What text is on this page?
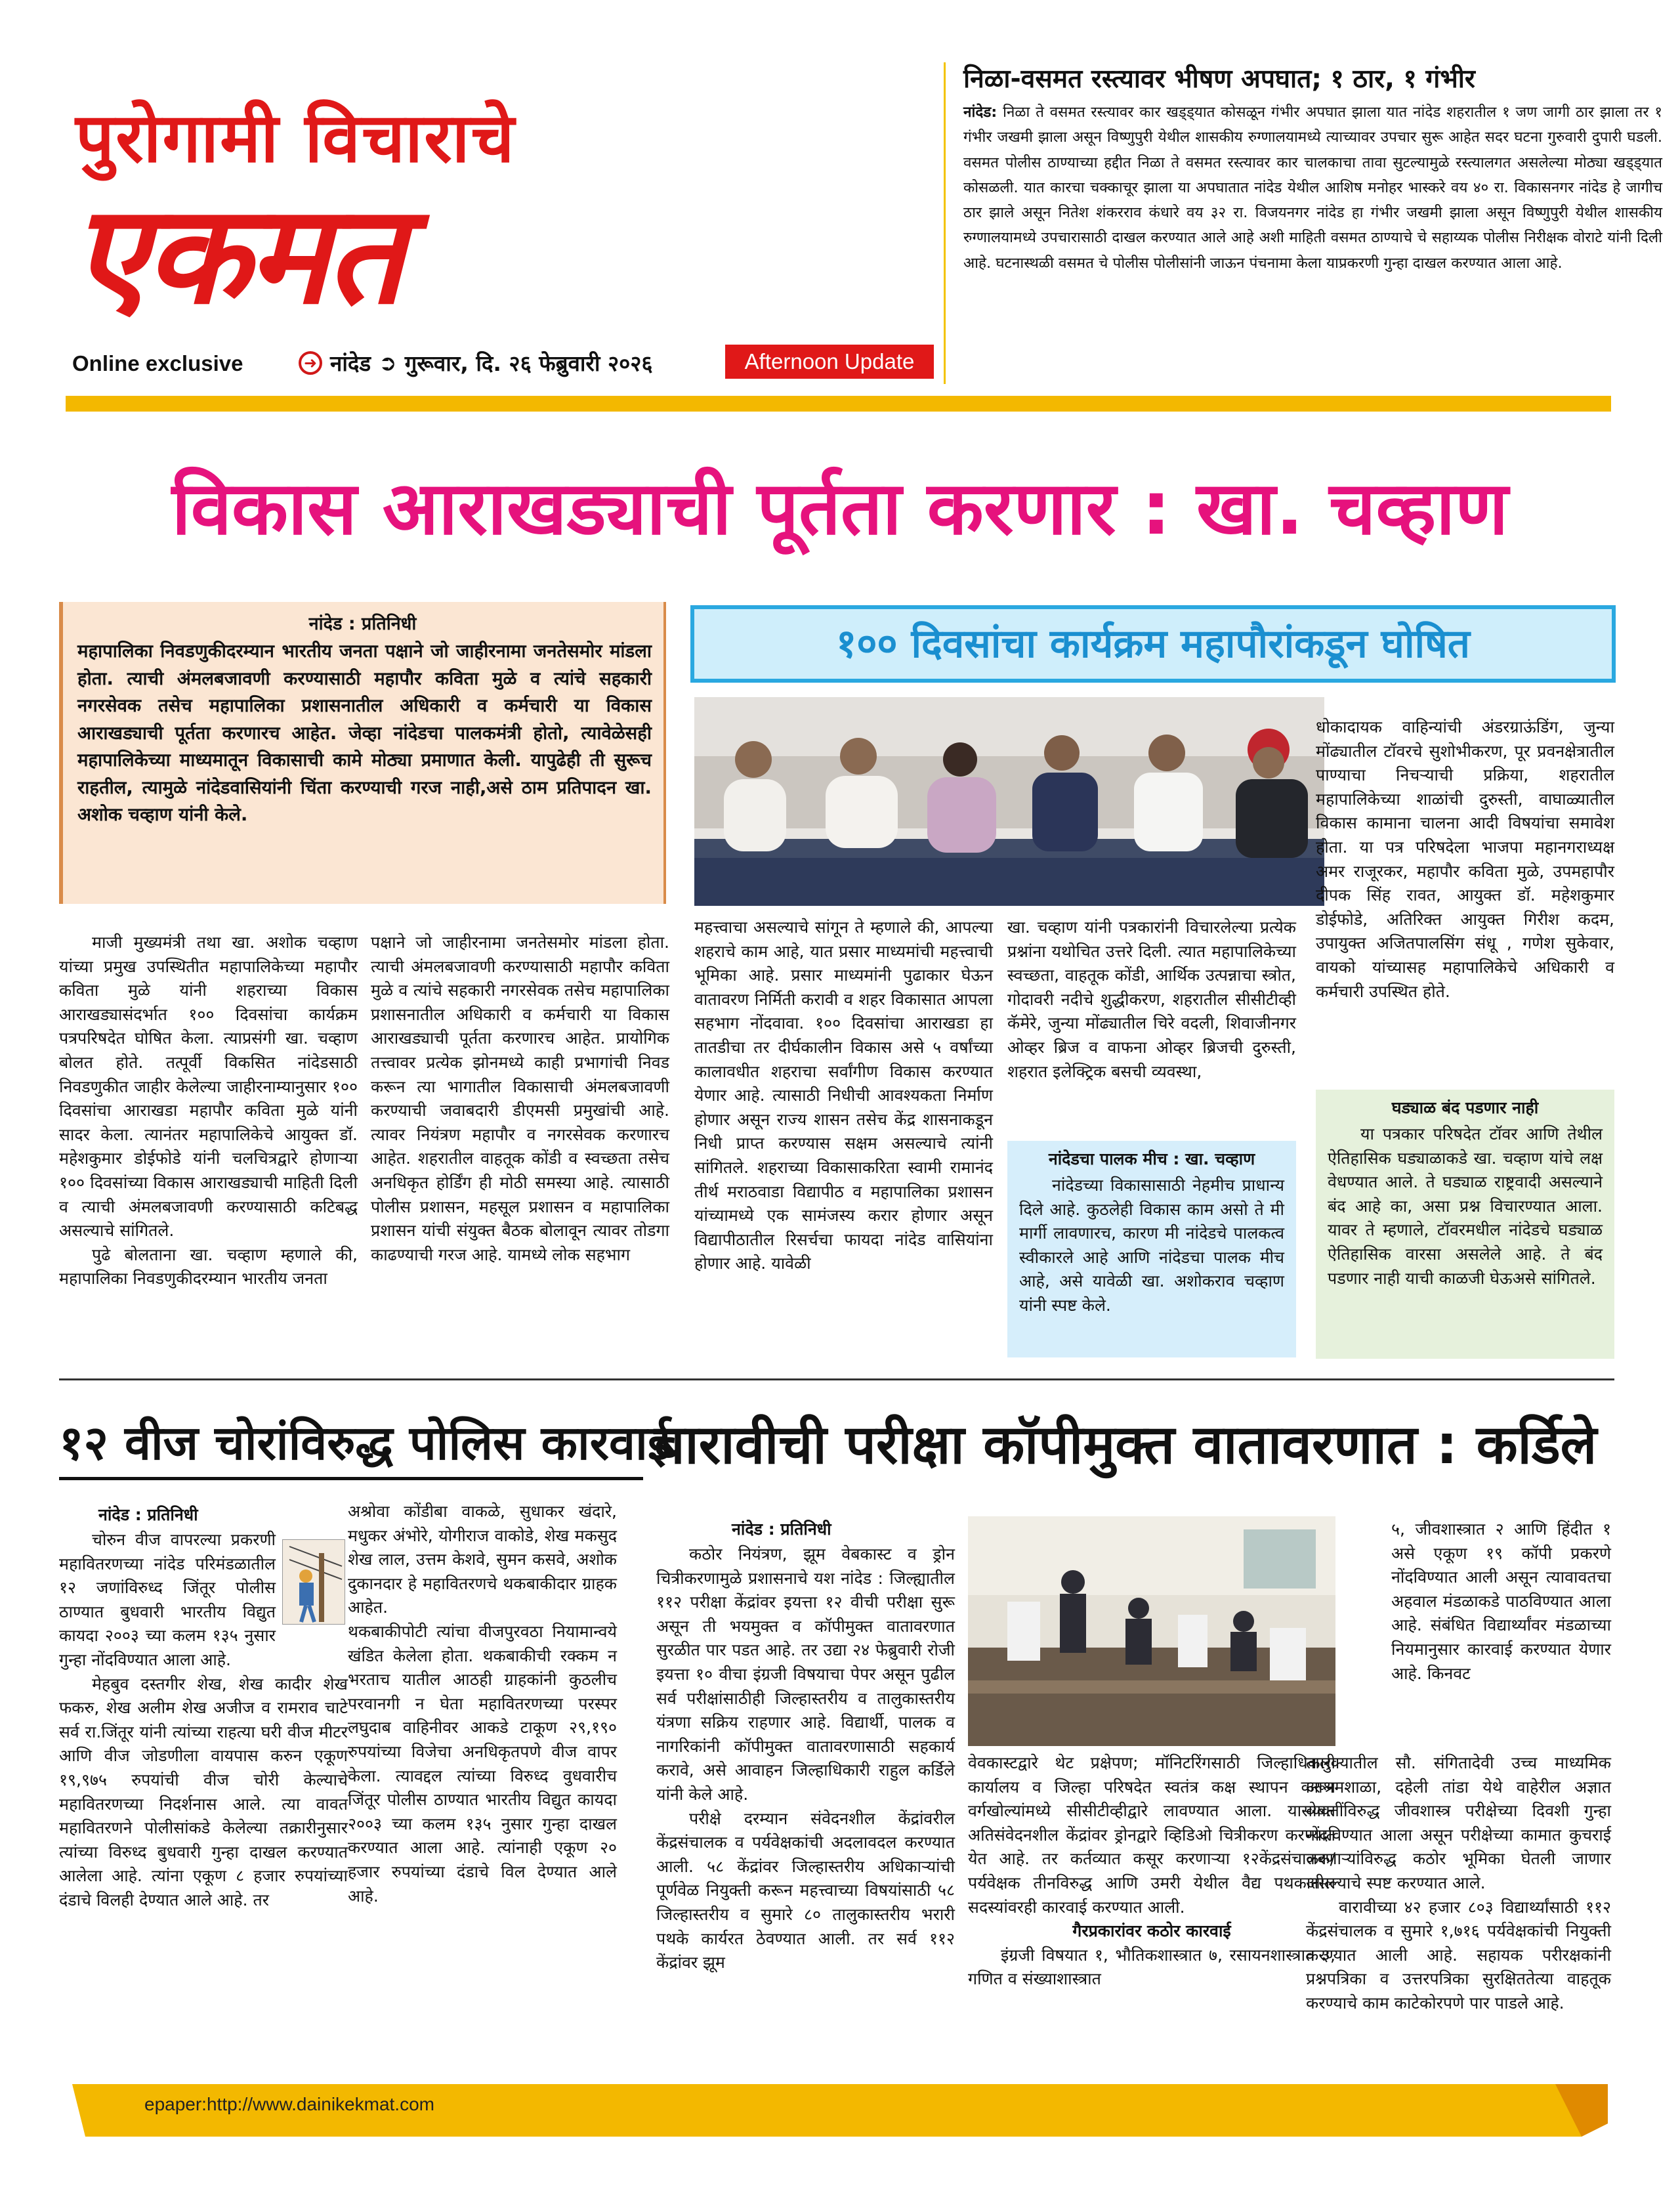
पुरोगामी विचाराचे
एकमत
Online exclusive	➜ नांदेड ➲ गुरूवार, दि. २६ फेब्रुवारी २०२६	Afternoon Update
निळा-वसमत रस्त्यावर भीषण अपघात; १ ठार, १ गंभीर
नांदेड: निळा ते वसमत रस्त्यावर कार खड्ड्यात कोसळून गंभीर अपघात झाला यात नांदेड शहरातील १ जण जागी ठार झाला तर १ गंभीर जखमी झाला असून विष्णुपुरी येथील शासकीय रुग्णालयामध्ये त्याच्यावर उपचार सुरू आहेत सदर घटना गुरुवारी दुपारी घडली. वसमत पोलीस ठाण्याच्या हद्दीत निळा ते वसमत रस्त्यावर कार चालकाचा तावा सुटल्यामुळे रस्त्यालगत असलेल्या मोठ्या खड्ड्यात कोसळली. यात कारचा चक्काचूर झाला या अपघातात नांदेड येथील आशिष मनोहर भास्करे वय ४० रा. विकासनगर नांदेड हे जागीच ठार झाले असून नितेश शंकरराव कंधारे वय ३२ रा. विजयनगर नांदेड हा गंभीर जखमी झाला असून विष्णुपुरी येथील शासकीय रुग्णालयामध्ये उपचारासाठी दाखल करण्यात आले आहे अशी माहिती वसमत ठाण्याचे चे सहाय्यक पोलीस निरीक्षक वोराटे यांनी दिली आहे. घटनास्थळी वसमत चे पोलीस पोलीसांनी जाऊन पंचनामा केला याप्रकरणी गुन्हा दाखल करण्यात आला आहे.
विकास आराखड्याची पूर्तता करणार : खा. चव्हाण
नांदेड : प्रतिनिधी
महापालिका निवडणुकीदरम्यान भारतीय जनता पक्षाने जो जाहीरनामा जनतेसमोर मांडला होता. त्याची अंमलबजावणी करण्यासाठी महापौर कविता मुळे व त्यांचे सहकारी नगरसेवक तसेच महापालिका प्रशासनातील अधिकारी व कर्मचारी या विकास आराखड्याची पूर्तता करणारच आहेत. जेव्हा नांदेडचा पालकमंत्री होतो, त्यावेळेसही महापालिकेच्या माध्यमातून विकासाची कामे मोठ्या प्रमाणात केली. यापुढेही ती सुरूच राहतील, त्यामुळे नांदेडवासियांनी चिंता करण्याची गरज नाही,असे ठाम प्रतिपादन खा. अशोक चव्हाण यांनी केले.
१०० दिवसांचा कार्यक्रम महापौरांकडून घोषित

माजी मुख्यमंत्री तथा खा. अशोक चव्हाण यांच्या प्रमुख उपस्थितीत महापालिकेच्या महापौर कविता मुळे यांनी शहराच्या विकास आराखड्यासंदर्भात १०० दिवसांचा कार्यक्रम पत्रपरिषदेत घोषित केला. त्याप्रसंगी खा. चव्हाण बोलत होते. तत्पूर्वी विकसित नांदेडसाठी निवडणुकीत जाहीर केलेल्या जाहीरनाम्यानुसार १०० दिवसांचा आराखडा महापौर कविता मुळे यांनी सादर केला. त्यानंतर महापालिकेचे आयुक्त डॉ. महेशकुमार डोईफोडे यांनी चलचित्रद्वारे होणाऱ्या १०० दिवसांच्या विकास आराखड्याची माहिती दिली व त्याची अंमलबजावणी करण्यासाठी कटिबद्ध असल्याचे सांगितले.

पुढे बोलताना खा. चव्हाण म्हणाले की, महापालिका निवडणुकीदरम्यान भारतीय जनता

पक्षाने जो जाहीरनामा जनतेसमोर मांडला होता. त्याची अंमलबजावणी करण्यासाठी महापौर कविता मुळे व त्यांचे सहकारी नगरसेवक तसेच महापालिका प्रशासनातील अधिकारी व कर्मचारी या विकास आराखड्याची पूर्तता करणारच आहेत. प्रायोगिक तत्त्वावर प्रत्येक झोनमध्ये काही प्रभागांची निवड करून त्या भागातील विकासाची अंमलबजावणी करण्याची जवाबदारी डीएमसी प्रमुखांची आहे. त्यावर नियंत्रण महापौर व नगरसेवक करणारच आहेत. शहरातील वाहतूक कोंडी व स्वच्छता तसेच अनधिकृत होर्डिंग ही मोठी समस्या आहे. त्यासाठी पोलीस प्रशासन, महसूल प्रशासन व महापालिका प्रशासन यांची संयुक्त बैठक बोलावून त्यावर तोडगा काढण्याची गरज आहे. यामध्ये लोक सहभाग

महत्त्वाचा असल्याचे सांगून ते म्हणाले की, आपल्या शहराचे काम आहे, यात प्रसार माध्यमांची महत्त्वाची भूमिका आहे. प्रसार माध्यमांनी पुढाकार घेऊन वातावरण निर्मिती करावी व शहर विकासात आपला सहभाग नोंदवावा. १०० दिवसांचा आराखडा हा तातडीचा तर दीर्घकालीन विकास असे ५ वर्षांच्या कालावधीत शहराचा सर्वांगीण विकास करण्यात येणार आहे. त्यासाठी निधीची आवश्यकता निर्माण होणार असून राज्य शासन तसेच केंद्र शासनाकडून निधी प्राप्त करण्यास सक्षम असल्याचे त्यांनी सांगितले. शहराच्या विकासाकरिता स्वामी रामानंद तीर्थ मराठवाडा विद्यापीठ व महापालिका प्रशासन यांच्यामध्ये एक सामंजस्य करार होणार असून विद्यापीठातील रिसर्चचा फायदा नांदेड वासियांना होणार आहे. यावेळी

खा. चव्हाण यांनी पत्रकारांनी विचारलेल्या प्रत्येक प्रश्नांना यथोचित उत्तरे दिली. त्यात महापालिकेच्या स्वच्छता, वाहतूक कोंडी, आर्थिक उत्पन्नाचा स्त्रोत, गोदावरी नदीचे शुद्धीकरण, शहरातील सीसीटीव्ही कॅमेरे, जुन्या मोंढ्यातील चिरे वदली, शिवाजीनगर ओव्हर ब्रिज व वाफना ओव्हर ब्रिजची दुरुस्ती, शहरात इलेक्ट्रिक बसची व्यवस्था,

धोकादायक वाहिन्यांची अंडरग्राऊंडिंग, जुन्या मोंढ्यातील टॉवरचे सुशोभीकरण, पूर प्रवनक्षेत्रातील पाण्याचा निचऱ्याची प्रक्रिया, शहरातील महापालिकेच्या शाळांची दुरुस्ती, वाघाळ्यातील विकास कामाना चालना आदी विषयांचा समावेश होता. या पत्र परिषदेला भाजपा महानगराध्यक्ष अमर राजूरकर, महापौर कविता मुळे, उपमहापौर दीपक सिंह रावत, आयुक्त डॉ. महेशकुमार डोईफोडे, अतिरिक्त आयुक्त गिरीश कदम, उपायुक्त अजितपालसिंग संधू , गणेश सुकेवार, वायको यांच्यासह महापालिकेचे अधिकारी व कर्मचारी उपस्थित होते.

नांदेडचा पालक मीच : खा. चव्हाण

नांदेडच्या विकासासाठी नेहमीच प्राधान्य दिले आहे. कुठलेही विकास काम असो ते मी मार्गी लावणारच, कारण मी नांदेडचे पालकत्व स्वीकारले आहे आणि नांदेडचा पालक मीच आहे, असे यावेळी खा. अशोकराव चव्हाण यांनी स्पष्ट केले.

घड्याळ बंद पडणार नाही

या पत्रकार परिषदेत टॉवर आणि तेथील ऐतिहासिक घड्याळाकडे खा. चव्हाण यांचे लक्ष वेधण्यात आले. ते घड्याळ राष्ट्रवादी असल्याने बंद आहे का, असा प्रश्न विचारण्यात आला. यावर ते म्हणाले, टॉवरमधील नांदेडचे घड्याळ ऐतिहासिक वारसा असलेले आहे. ते बंद पडणार नाही याची काळजी घेऊअसे सांगितले.

१२ वीज चोरांविरुद्ध पोलिस कारवाई
नांदेड : प्रतिनिधी

चोरुन वीज वापरल्या प्रकरणी महावितरणच्या नांदेड परिमंडळातील १२ जणांविरुध्द जिंतूर पोलीस ठाण्यात बुधवारी भारतीय विद्युत कायदा २००३ च्या कलम १३५ नुसार गुन्हा नोंदविण्यात आला आहे.

मेहबुव दस्तगीर शेख, शेख कादीर शेख फकरु, शेख अलीम शेख अजीज व रामराव चाटे सर्व रा.जिंतूर यांनी त्यांच्या राहत्या घरी वीज मीटर आणि वीज जोडणीला वायपास करुन एकूण १९,९७५ रुपयांची वीज चोरी केल्याचे महावितरणच्या निदर्शनास आले. त्या वावत महावितरणने पोलीसांकडे केलेल्या तक्रारीनुसार त्यांच्या विरुध्द बुधवारी गुन्हा दाखल करण्यात आलेला आहे. त्यांना एकूण ८ हजार रुपयांच्या दंडाचे विलही देण्यात आले आहे. तर

अश्रोवा कोंडीबा वाकळे, सुधाकर खंदारे, मधुकर अंभोरे, योगीराज वाकोडे, शेख मकसुद शेख लाल, उत्तम केशवे, सुमन कसवे, अशोक दुकानदार हे महावितरणचे थकबाकीदार ग्राहक आहेत.

थकबाकीपोटी त्यांचा वीजपुरवठा नियामान्वये खंडित केलेला होता. थकबाकीची रक्कम न भरताच यातील आठही ग्राहकांनी कुठलीच परवानगी न घेता महावितरणच्या परस्पर लघुदाब वाहिनीवर आकडे टाकूण २९,१९० रुपयांच्या विजेचा अनधिकृतपणे वीज वापर केला. त्यावद्दल त्यांच्या विरुध्द वुधवारीच जिंतूर पोलीस ठाण्यात भारतीय विद्युत कायदा २००३ च्या कलम १३५ नुसार गुन्हा दाखल करण्यात आला आहे. त्यांनाही एकूण २० हजार रुपयांच्या दंडाचे विल देण्यात आले आहे.

बारावीची परीक्षा कॉपीमुक्त वातावरणात : कर्डिले
नांदेड : प्रतिनिधी

कठोर नियंत्रण, झूम वेबकास्ट व ड्रोन चित्रीकरणामुळे प्रशासनाचे यश नांदेड : जिल्ह्यातील ११२ परीक्षा केंद्रांवर इयत्ता १२ वीची परीक्षा सुरू असून ती भयमुक्त व कॉपीमुक्त वातावरणात सुरळीत पार पडत आहे. तर उद्या २४ फेब्रुवारी रोजी इयत्ता १० वीचा इंग्रजी विषयाचा पेपर असून पुढील सर्व परीक्षांसाठीही जिल्हास्तरीय व तालुकास्तरीय यंत्रणा सक्रिय राहणार आहे. विद्यार्थी, पालक व नागरिकांनी कॉपीमुक्त वातावरणासाठी सहकार्य करावे, असे आवाहन जिल्हाधिकारी राहुल कर्डिले यांनी केले आहे.

परीक्षे दरम्यान संवेदनशील केंद्रांवरील केंद्रसंचालक व पर्यवेक्षकांची अदलावदल करण्यात आली. ५८ केंद्रांवर जिल्हास्तरीय अधिकाऱ्यांची पूर्णवेळ नियुक्ती करून महत्त्वाच्या विषयांसाठी ५८ जिल्हास्तरीय व सुमारे ८० तालुकास्तरीय भरारी पथके कार्यरत ठेवण्यात आली. तर सर्व ११२ केंद्रांवर झूम

वेवकास्टद्वारे थेट प्रक्षेपण; मॉनिटरिंगसाठी जिल्हाधिकारी कार्यालय व जिल्हा परिषदेत स्वतंत्र कक्ष स्थापन करून वर्गखोल्यांमध्ये सीसीटीव्हीद्वारे लावण्यात आला. यासोबत अतिसंवेदनशील केंद्रांवर ड्रोनद्वारे व्हिडिओ चित्रीकरण करण्यात येत आहे. तर कर्तव्यात कसूर करणाऱ्या १२केंद्रसंचालक/पर्यवेक्षक तीनविरुद्ध आणि उमरी येथील वैद्य पथकातील सदस्यांवरही कारवाई करण्यात आली.

गैरप्रकारांवर कठोर कारवाई

इंग्रजी विषयात १, भौतिकशास्त्रात ७, रसायनशास्त्रात ३, गणित व संख्याशास्त्रात

५, जीवशास्त्रात २ आणि हिंदीत १ असे एकूण १९ कॉपी प्रकरणे नोंदविण्यात आली असून त्यावावतचा अहवाल मंडळाकडे पाठविण्यात आला आहे. संबंधित विद्यार्थ्यांवर मंडळाच्या नियमानुसार कारवाई करण्यात येणार आहे. किनवट

तालुक्यातील सौ. संगितादेवी उच्च माध्यमिक आश्रमशाळा, दहेली तांडा येथे वाहेरील अज्ञात व्यक्तींविरुद्ध जीवशास्त्र परीक्षेच्या दिवशी गुन्हा नोंदविण्यात आला असून परीक्षेच्या कामात कुचराई करणाऱ्यांविरुद्ध कठोर भूमिका घेतली जाणार असल्याचे स्पष्ट करण्यात आले.

वारावीच्या ४२ हजार ८०३ विद्यार्थ्यांसाठी ११२ केंद्रसंचालक व सुमारे १,७१६ पर्यवेक्षकांची नियुक्ती करण्यात आली आहे. सहायक परीरक्षकांनी प्रश्नपत्रिका व उत्तरपत्रिका सुरक्षिततेत्या वाहतूक करण्याचे काम काटेकोरपणे पार पाडले आहे.

epaper:http://www.dainikekmat.com
